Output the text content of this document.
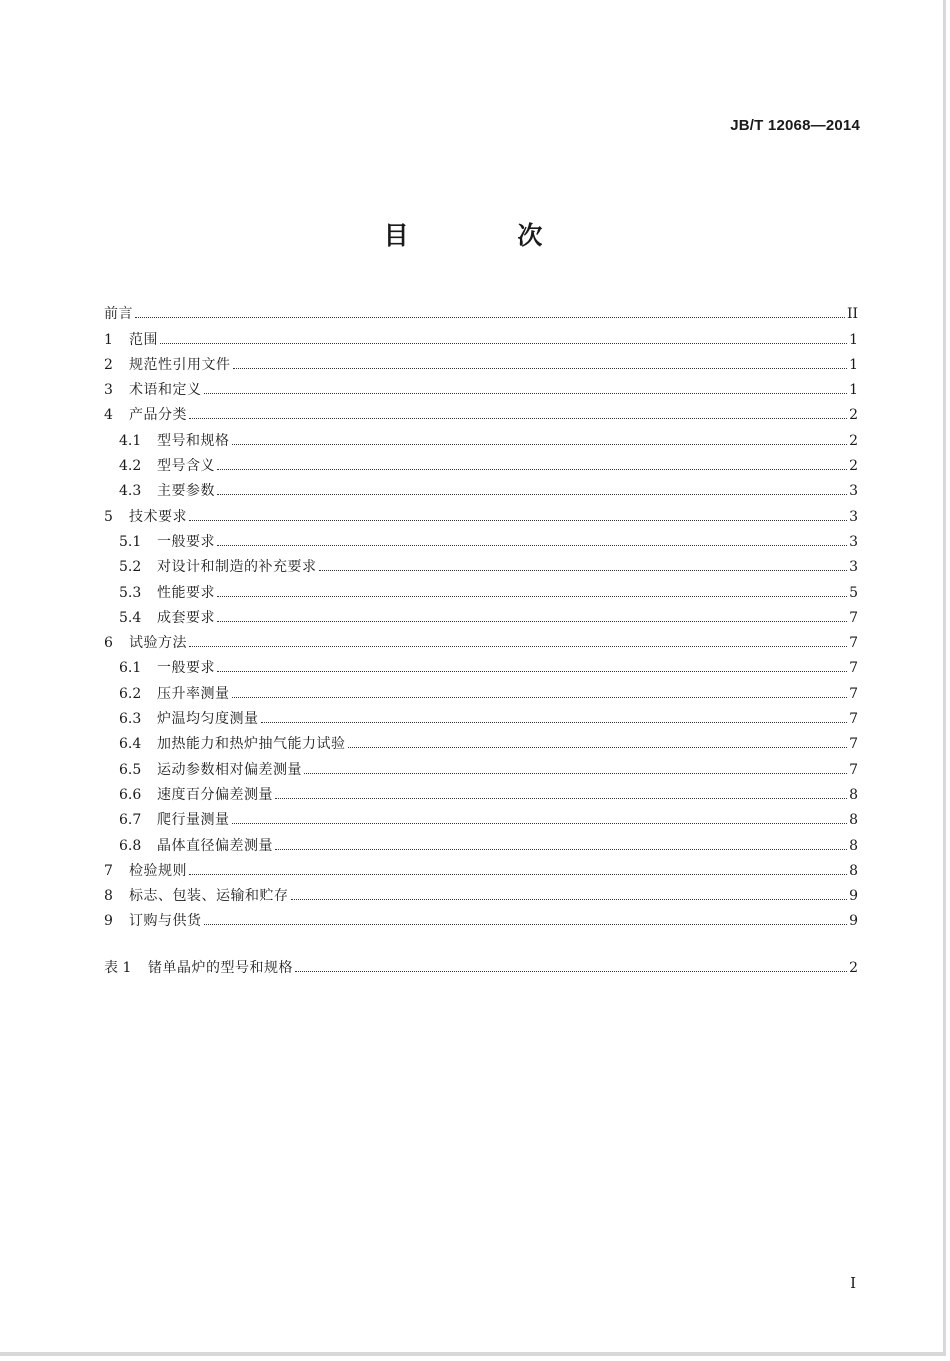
JB/T 12068—2014
目 次
前言	II
1	范围	1
2	规范性引用文件	1
3	术语和定义	1
4	产品分类	2
4.1	型号和规格	2
4.2	型号含义	2
4.3	主要参数	3
5	技术要求	3
5.1	一般要求	3
5.2	对设计和制造的补充要求	3
5.3	性能要求	5
5.4	成套要求	7
6	试验方法	7
6.1	一般要求	7
6.2	压升率测量	7
6.3	炉温均匀度测量	7
6.4	加热能力和热炉抽气能力试验	7
6.5	运动参数相对偏差测量	7
6.6	速度百分偏差测量	8
6.7	爬行量测量	8
6.8	晶体直径偏差测量	8
7	检验规则	8
8	标志、包装、运输和贮存	9
9	订购与供货	9
表 1	锗单晶炉的型号和规格	2
I
